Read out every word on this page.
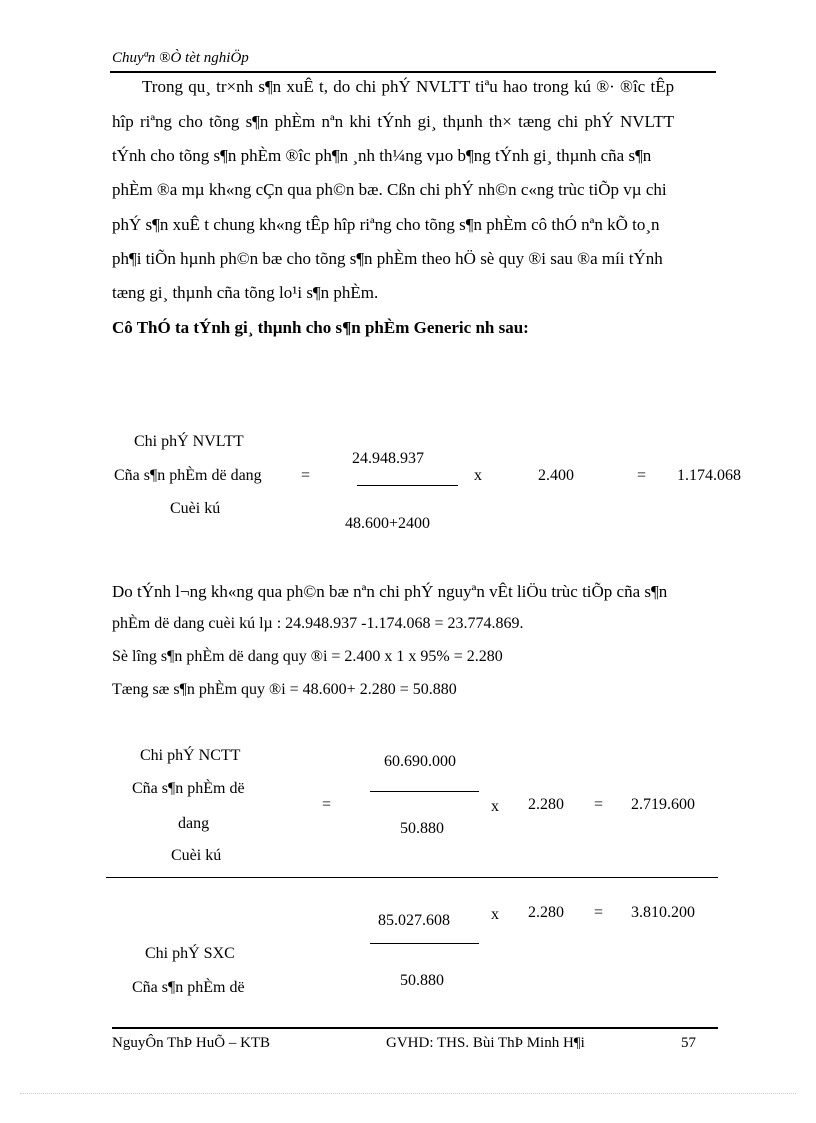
Chuyªn ®Ò tèt nghiÖp
Trong qu¸ tr×nh s¶n xuÊ t, do chi phÝ NVLTT tiªu hao trong kú ®· ®îc tÊp
hîp riªng cho tõng s¶n phÈm nªn khi tÝnh gi¸ thµnh th× tæng chi phÝ NVLTT
tÝnh cho tõng s¶n phÈm ®îc ph¶n ¸nh th¼ng vµo b¶ng tÝnh gi¸ thµnh cña s¶n
phÈm ®a mµ kh«ng cÇn qua ph©n bæ. Cßn chi phÝ nh©n c«ng trùc tiÕp vµ chi
phÝ s¶n xuÊ t chung kh«ng tÊp hîp riªng cho tõng s¶n phÈm cô thÓ nªn kÕ to¸n
ph¶i tiÕn hµnh ph©n bæ cho tõng s¶n phÈm theo hÖ sè quy ®i sau ®a míi tÝnh
tæng gi¸ thµnh cña tõng lo¹i s¶n phÈm.
Cô ThÓ ta tÝnh gi¸ thµnh cho s¶n phÈm Generic nh sau:
Chi phÝ NVLTT
Cña s¶n phÈm dë dang
Cuèi kú
=
24.948.937
48.600+2400
x	2.400	= 1.174.068
Do tÝnh l¬ng kh«ng qua ph©n bæ nªn chi phÝ nguyªn vÊt liÖu trùc tiÕp cña s¶n
phÈm dë dang cuèi kú lµ : 24.948.937 -1.174.068 = 23.774.869.
Sè lîng s¶n phÈm dë dang quy ®i = 2.400 x 1 x 95% = 2.280
Tæng sæ s¶n phÈm quy ®i = 48.600+ 2.280 = 50.880
Chi phÝ NCTT
Cña s¶n phÈm dë
dang
Cuèi kú
=
60.690.000
50.880
x 2.280 = 2.719.600
85.027.608
50.880
x 2.280 = 3.810.200
Chi phÝ SXC
Cña s¶n phÈm dë
NguyÔn ThÞ HuÕ – KTB	GVHD: THS. Bùi ThÞ Minh H¶i	57
